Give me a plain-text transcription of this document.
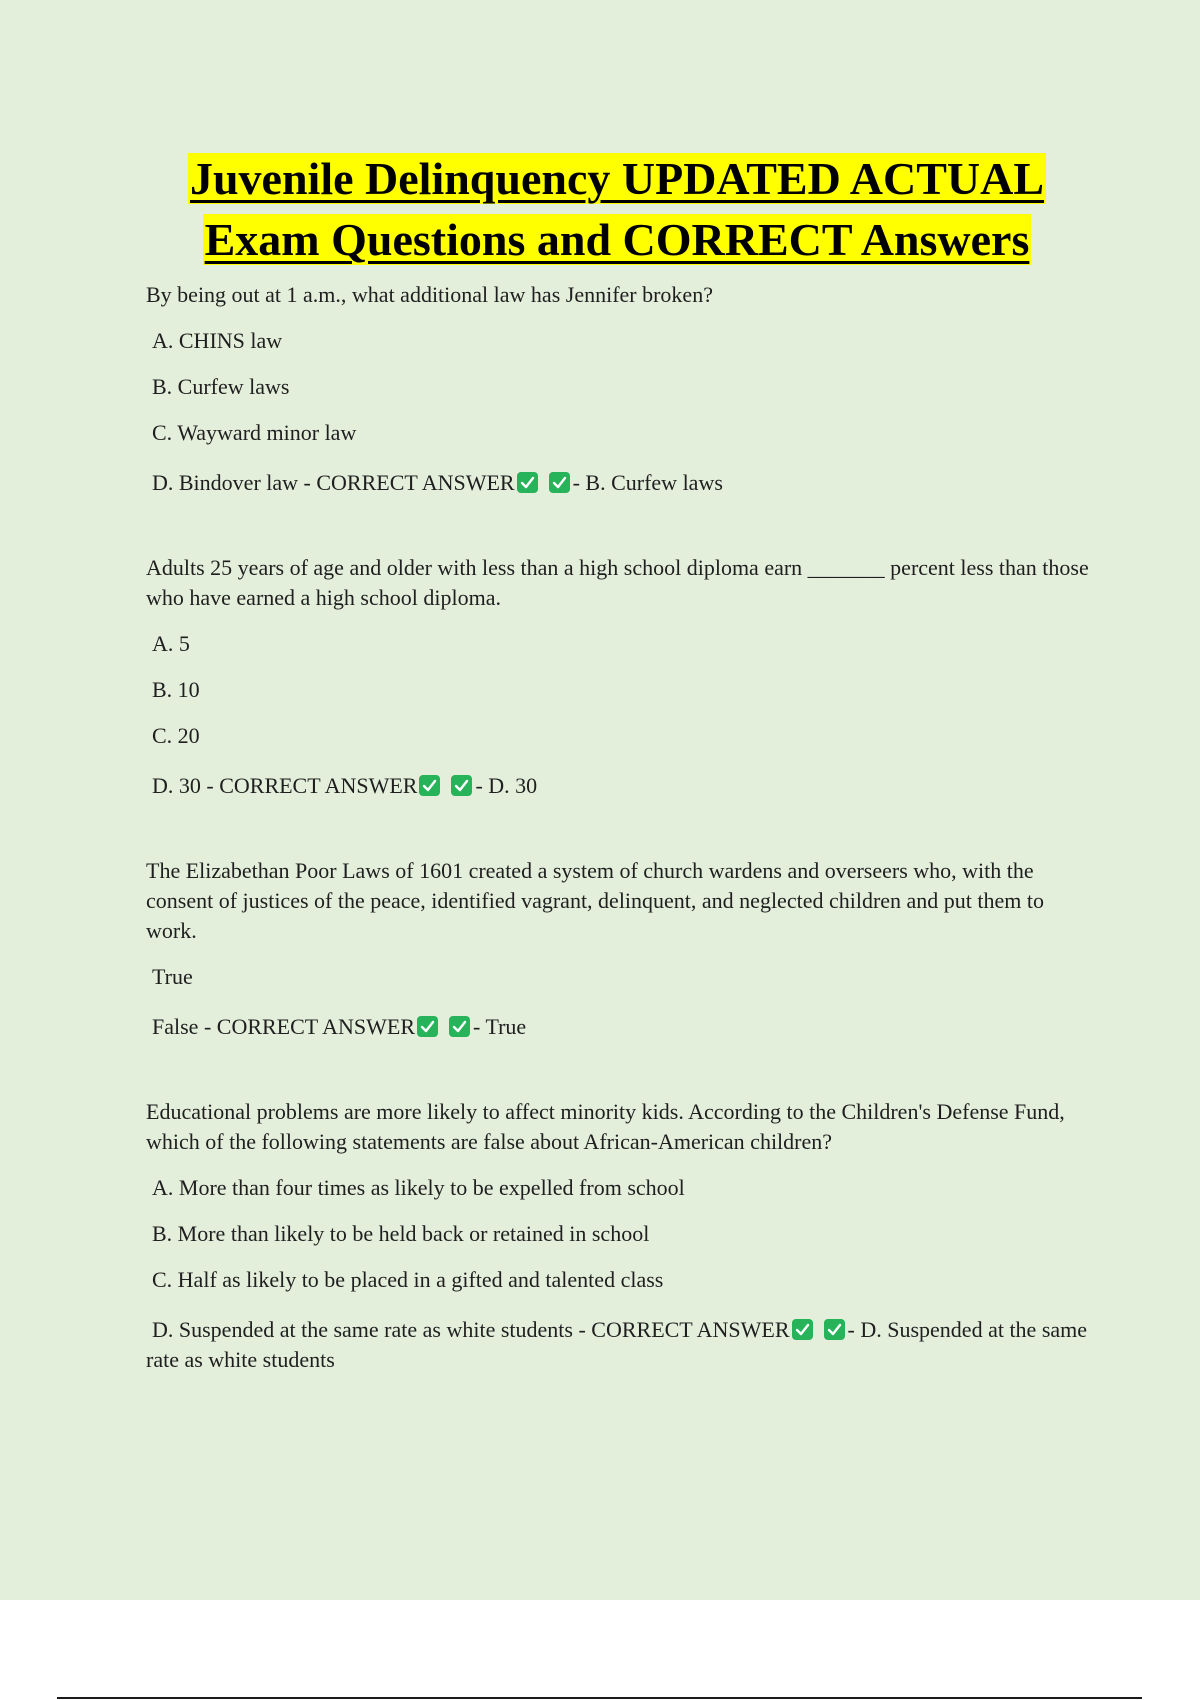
Juvenile Delinquency UPDATED ACTUAL
Exam Questions and CORRECT Answers
By being out at 1 a.m., what additional law has Jennifer broken?
A. CHINS law
B. Curfew laws
C. Wayward minor law
D. Bindover law - CORRECT ANSWER	- B. Curfew laws
Adults 25 years of age and older with less than a high school diploma earn _______ percent less than those who have earned a high school diploma.
A. 5
B. 10
C. 20
D. 30 - CORRECT ANSWER	- D. 30
The Elizabethan Poor Laws of 1601 created a system of church wardens and overseers who, with the consent of justices of the peace, identified vagrant, delinquent, and neglected children and put them to work.
True
False - CORRECT ANSWER	- True
Educational problems are more likely to affect minority kids. According to the Children's Defense Fund, which of the following statements are false about African-American children?
A. More than four times as likely to be expelled from school
B. More than likely to be held back or retained in school
C. Half as likely to be placed in a gifted and talented class
D. Suspended at the same rate as white students - CORRECT ANSWER	- D. Suspended at the same rate as white students
